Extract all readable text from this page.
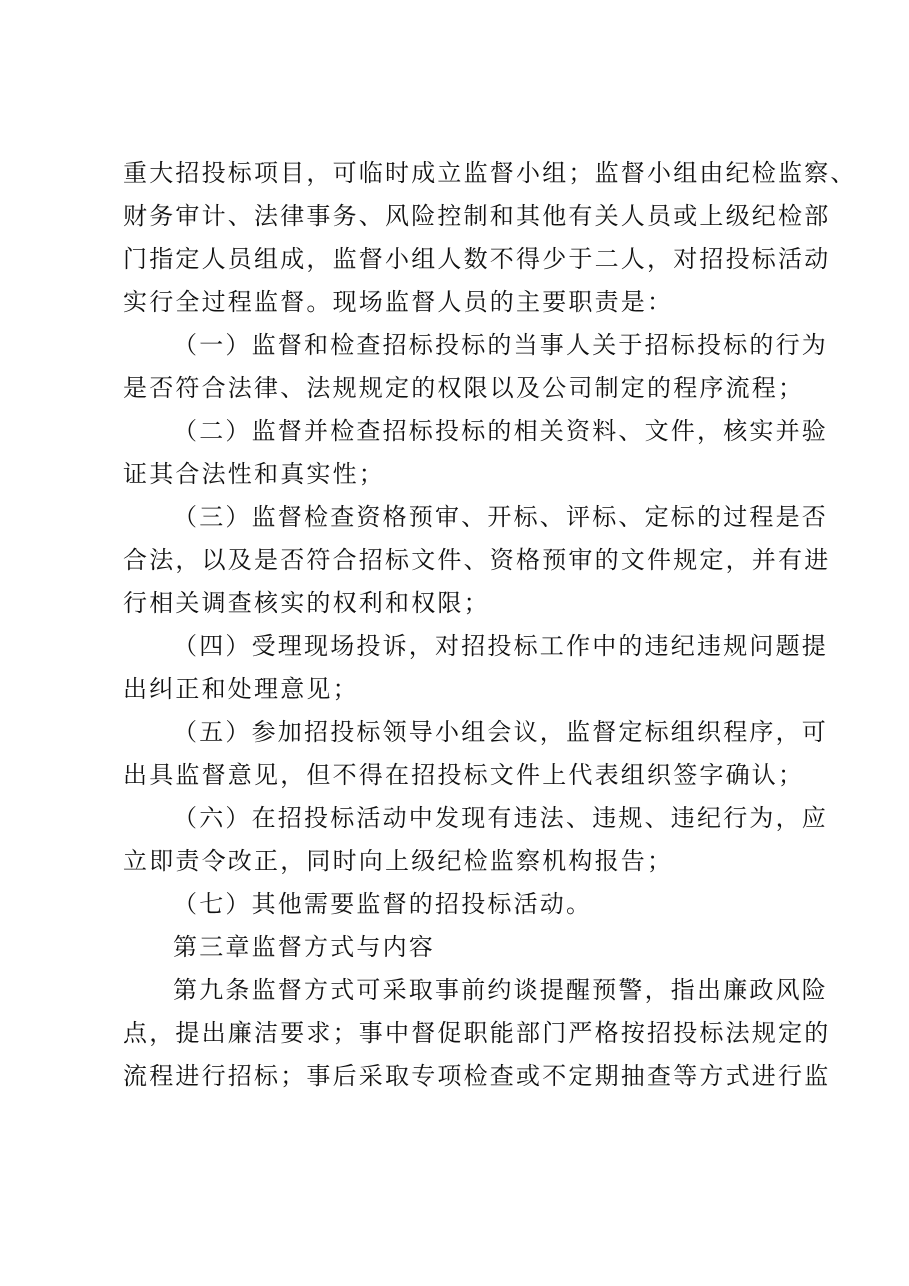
重大招投标项目，可临时成立监督小组；监督小组由纪检监察、
财务审计、法律事务、风险控制和其他有关人员或上级纪检部
门指定人员组成，监督小组人数不得少于二人，对招投标活动
实行全过程监督。现场监督人员的主要职责是：
（一）监督和检查招标投标的当事人关于招标投标的行为
是否符合法律、法规规定的权限以及公司制定的程序流程；
（二）监督并检查招标投标的相关资料、文件，核实并验
证其合法性和真实性；
（三）监督检查资格预审、开标、评标、定标的过程是否
合法，以及是否符合招标文件、资格预审的文件规定，并有进
行相关调查核实的权利和权限；
（四）受理现场投诉，对招投标工作中的违纪违规问题提
出纠正和处理意见；
（五）参加招投标领导小组会议，监督定标组织程序，可
出具监督意见，但不得在招投标文件上代表组织签字确认；
（六）在招投标活动中发现有违法、违规、违纪行为，应
立即责令改正，同时向上级纪检监察机构报告；
（七）其他需要监督的招投标活动。
第三章监督方式与内容
第九条监督方式可采取事前约谈提醒预警，指出廉政风险
点，提出廉洁要求；事中督促职能部门严格按招投标法规定的
流程进行招标；事后采取专项检查或不定期抽查等方式进行监
